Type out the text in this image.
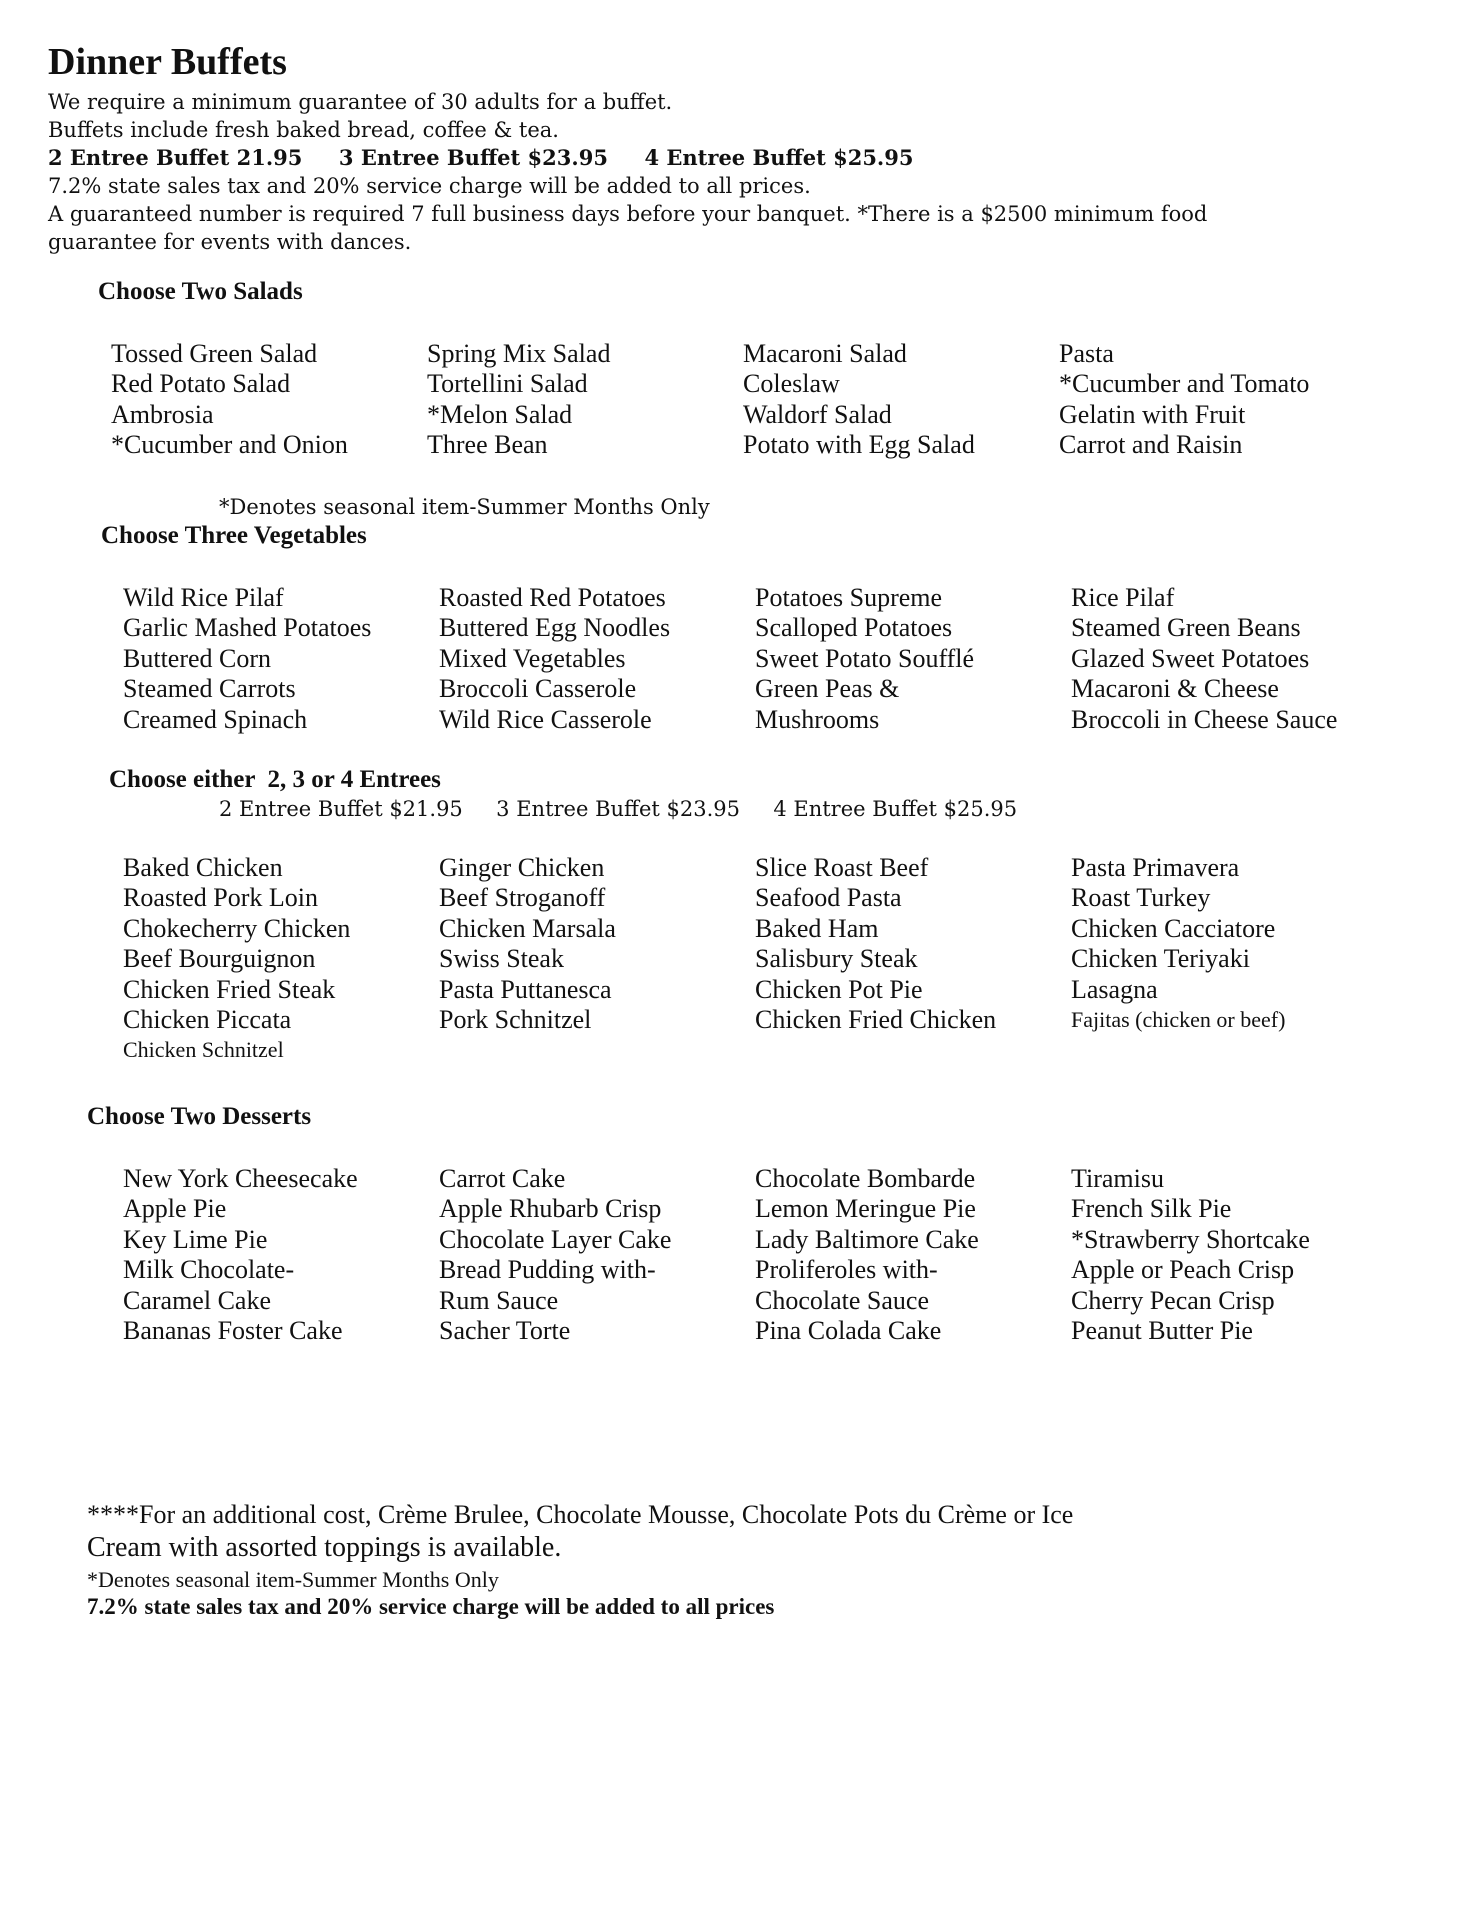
Dinner Buffets
We require a minimum guarantee of 30 adults for a buffet.
Buffets include fresh baked bread, coffee & tea.
2 Entree Buffet 21.95     3 Entree Buffet $23.95     4 Entree Buffet $25.95
7.2% state sales tax and 20% service charge will be added to all prices.
A guaranteed number is required 7 full business days before your banquet. *There is a $2500 minimum food
guarantee for events with dances.
Choose Two Salads
Tossed Green Salad
Red Potato Salad
Ambrosia
*Cucumber and Onion
Spring Mix Salad
Tortellini Salad
*Melon Salad
Three Bean
Macaroni Salad
Coleslaw
Waldorf Salad
Potato with Egg Salad
Pasta
*Cucumber and Tomato
Gelatin with Fruit
Carrot and Raisin
*Denotes seasonal item-Summer Months Only
Choose Three Vegetables
Wild Rice Pilaf
Garlic Mashed Potatoes
Buttered Corn
Steamed Carrots
Creamed Spinach
Roasted Red Potatoes
Buttered Egg Noodles
Mixed Vegetables
Broccoli Casserole
Wild Rice Casserole
Potatoes Supreme
Scalloped Potatoes
Sweet Potato Soufflé
Green Peas &
Mushrooms
Rice Pilaf
Steamed Green Beans
Glazed Sweet Potatoes
Macaroni & Cheese
Broccoli in Cheese Sauce
Choose either  2, 3 or 4 Entrees
2 Entree Buffet $21.95     3 Entree Buffet $23.95     4 Entree Buffet $25.95
Baked Chicken
Roasted Pork Loin
Chokecherry Chicken
Beef Bourguignon
Chicken Fried Steak
Chicken Piccata
Chicken Schnitzel
Ginger Chicken
Beef Stroganoff
Chicken Marsala
Swiss Steak
Pasta Puttanesca
Pork Schnitzel
Slice Roast Beef
Seafood Pasta
Baked Ham
Salisbury Steak
Chicken Pot Pie
Chicken Fried Chicken
Pasta Primavera
Roast Turkey
Chicken Cacciatore
Chicken Teriyaki
Lasagna
Fajitas (chicken or beef)
Choose Two Desserts
New York Cheesecake
Apple Pie
Key Lime Pie
Milk Chocolate-
Caramel Cake
Bananas Foster Cake
Carrot Cake
Apple Rhubarb Crisp
Chocolate Layer Cake
Bread Pudding with-
Rum Sauce
Sacher Torte
Chocolate Bombarde
Lemon Meringue Pie
Lady Baltimore Cake
Proliferoles with-
Chocolate Sauce
Pina Colada Cake
Tiramisu
French Silk Pie
*Strawberry Shortcake
Apple or Peach Crisp
Cherry Pecan Crisp
Peanut Butter Pie
****For an additional cost, Crème Brulee, Chocolate Mousse, Chocolate Pots du Crème or Ice
Cream with assorted toppings is available.
*Denotes seasonal item-Summer Months Only
7.2% state sales tax and 20% service charge will be added to all prices
